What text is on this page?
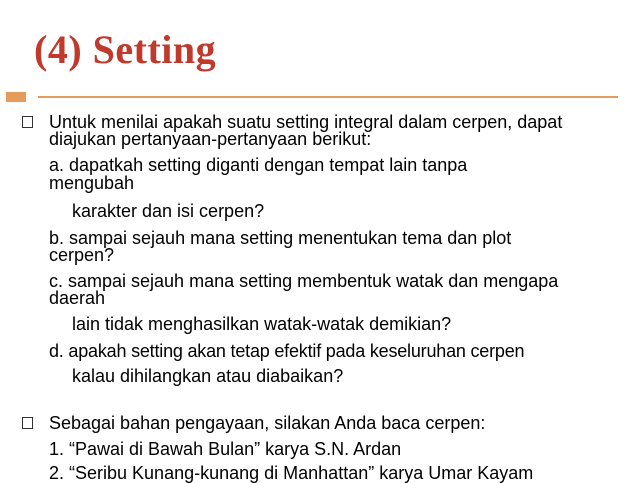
(4) Setting
Untuk menilai apakah suatu setting integral dalam cerpen, dapat
diajukan pertanyaan-pertanyaan berikut:
a. dapatkah setting diganti dengan tempat lain tanpa
mengubah
karakter dan isi cerpen?
b. sampai sejauh mana setting menentukan tema dan plot
cerpen?
c. sampai sejauh mana setting membentuk watak dan mengapa
daerah
lain tidak menghasilkan watak-watak demikian?
d. apakah setting akan tetap efektif pada keseluruhan cerpen
kalau dihilangkan atau diabaikan?
Sebagai bahan pengayaan, silakan Anda baca cerpen:
1. “Pawai di Bawah Bulan” karya S.N. Ardan
2. “Seribu Kunang-kunang di Manhattan” karya Umar Kayam
